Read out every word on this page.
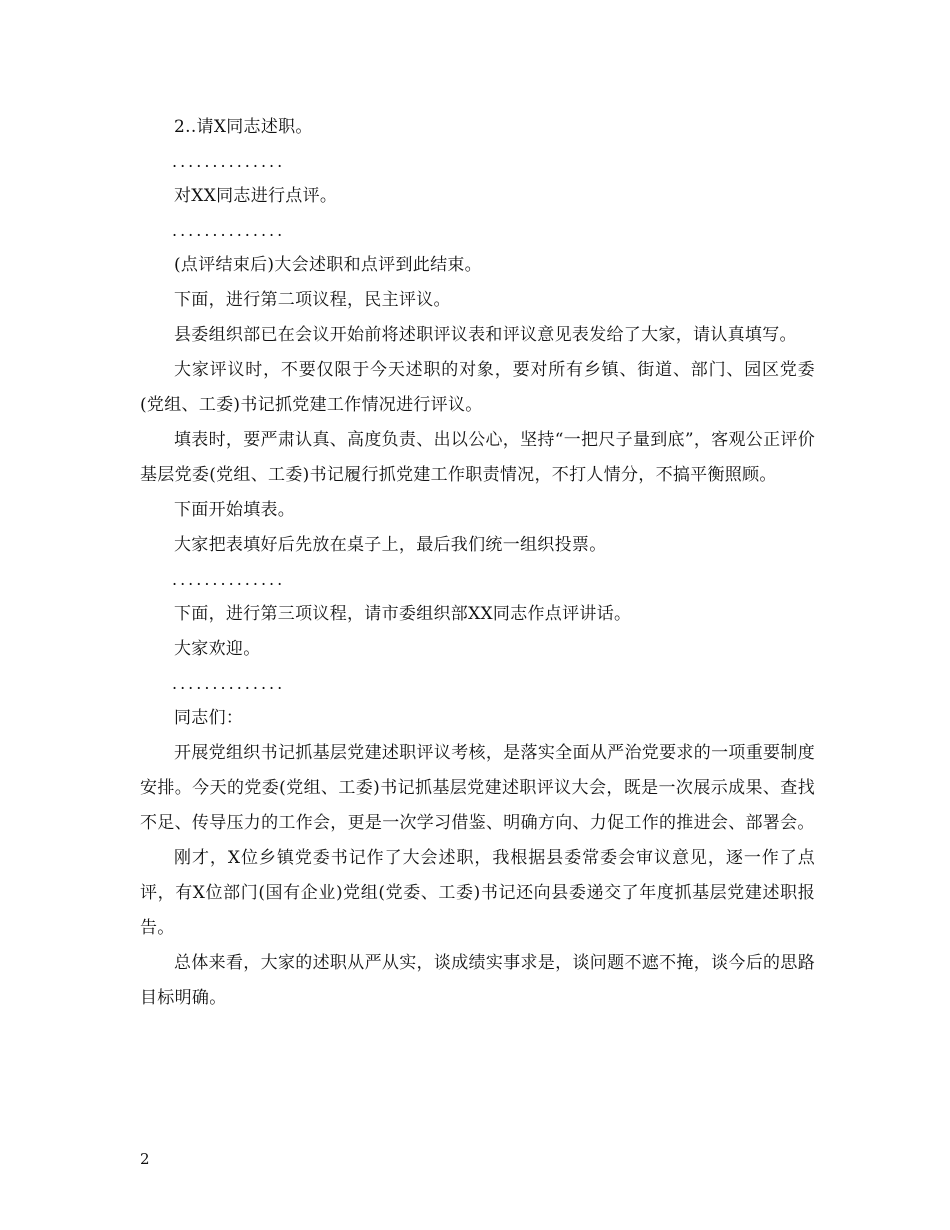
2..请X同志述职。

..............

对XX同志进行点评。

..............

(点评结束后)大会述职和点评到此结束。

下面，进行第二项议程，民主评议。

县委组织部已在会议开始前将述职评议表和评议意见表发给了大家，请认真填写。

大家评议时，不要仅限于今天述职的对象，要对所有乡镇、街道、部门、园区党委(党组、工委)书记抓党建工作情况进行评议。

填表时，要严肃认真、高度负责、出以公心，坚持“一把尺子量到底”，客观公正评价基层党委(党组、工委)书记履行抓党建工作职责情况，不打人情分，不搞平衡照顾。

下面开始填表。

大家把表填好后先放在桌子上，最后我们统一组织投票。

..............

下面，进行第三项议程，请市委组织部XX同志作点评讲话。

大家欢迎。

..............

同志们：

开展党组织书记抓基层党建述职评议考核，是落实全面从严治党要求的一项重要制度安排。今天的党委(党组、工委)书记抓基层党建述职评议大会，既是一次展示成果、查找不足、传导压力的工作会，更是一次学习借鉴、明确方向、力促工作的推进会、部署会。

刚才，X位乡镇党委书记作了大会述职，我根据县委常委会审议意见，逐一作了点评，有X位部门(国有企业)党组(党委、工委)书记还向县委递交了年度抓基层党建述职报告。

总体来看，大家的述职从严从实，谈成绩实事求是，谈问题不遮不掩，谈今后的思路目标明确。

2
